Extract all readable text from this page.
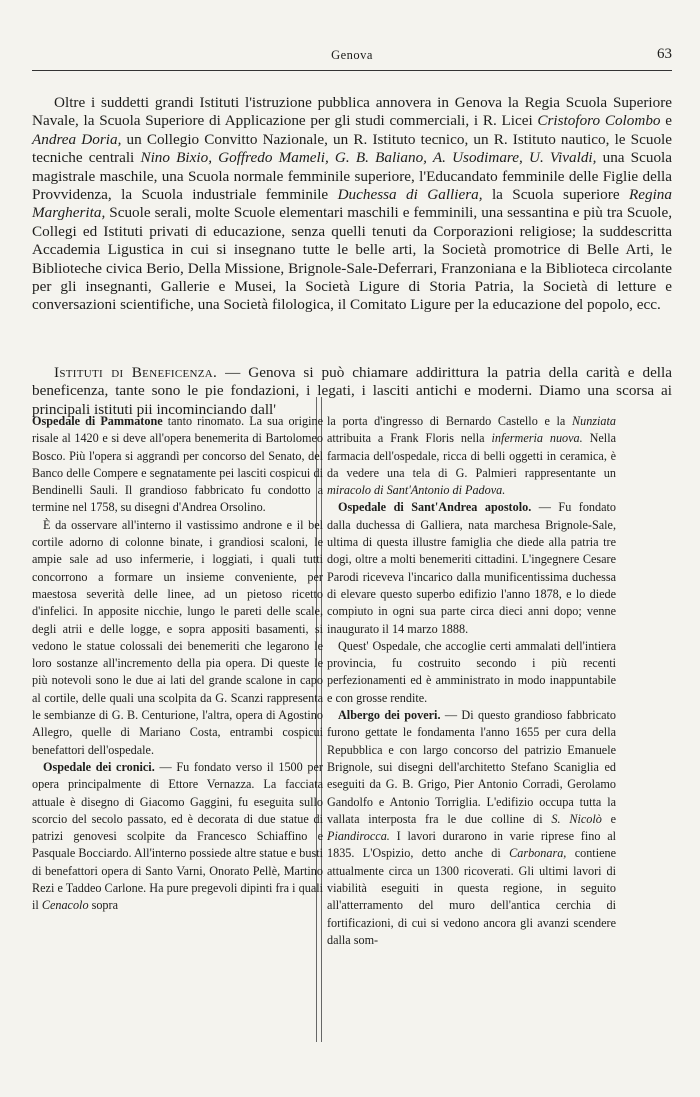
Genova	63

Oltre i suddetti grandi Istituti l'istruzione pubblica annovera in Genova la Regia Scuola Superiore Navale, la Scuola Superiore di Applicazione per gli studi commerciali, i R. Licei Cristoforo Colombo e Andrea Doria, un Collegio Convitto Nazionale, un R. Istituto tecnico, un R. Istituto nautico, le Scuole tecniche centrali Nino Bixio, Goffredo Mameli, G. B. Baliano, A. Usodimare, U. Vivaldi, una Scuola magistrale maschile, una Scuola normale femminile superiore, l'Educandato femminile delle Figlie della Provvidenza, la Scuola industriale femminile Duchessa di Galliera, la Scuola superiore Regina Margherita, Scuole serali, molte Scuole elementari maschili e femminili, una sessantina e più tra Scuole, Collegi ed Istituti privati di educazione, senza quelli tenuti da Corporazioni religiose; la suddescritta Accademia Ligustica in cui si insegnano tutte le belle arti, la Società promotrice di Belle Arti, le Biblioteche civica Berio, Della Missione, Brignole-Sale-Deferrari, Franzoniana e la Biblioteca circolante per gli insegnanti, Gallerie e Musei, la Società Ligure di Storia Patria, la Società di letture e conversazioni scientifiche, una Società filologica, il Comitato Ligure per la educazione del popolo, ecc.

Istituti di Beneficenza. — Genova si può chiamare addirittura la patria della carità e della beneficenza, tante sono le pie fondazioni, i legati, i lasciti antichi e moderni. Diamo una scorsa ai principali istituti pii incominciando dall'

Ospedale di Pammatone tanto rinomato. La sua origine risale al 1420 e si deve all'opera benemerita di Bartolomeo Bosco. Più l'opera si aggrandì per concorso del Senato, del Banco delle Compere e segnatamente pei lasciti cospicui di Bendinelli Sauli. Il grandioso fabbricato fu condotto a termine nel 1758, su disegni d'Andrea Orsolino.

È da osservare all'interno il vastissimo androne e il bel cortile adorno di colonne binate, i grandiosi scaloni, le ampie sale ad uso infermerie, i loggiati, i quali tutti concorrono a formare un insieme conveniente, per maestosa severità delle linee, ad un pietoso ricetto d'infelici. In apposite nicchie, lungo le pareti delle scale, degli atrii e delle logge, e sopra appositi basamenti, si vedono le statue colossali dei benemeriti che legarono le loro sostanze all'incremento della pia opera. Di queste le più notevoli sono le due ai lati del grande scalone in capo al cortile, delle quali una scolpita da G. Scanzi rappresenta le sembianze di G. B. Centurione, l'altra, opera di Agostino Allegro, quelle di Mariano Costa, entrambi cospicui benefattori dell'ospedale.

Ospedale dei cronici. — Fu fondato verso il 1500 per opera principalmente di Ettore Vernazza. La facciata attuale è disegno di Giacomo Gaggini, fu eseguita sullo scorcio del secolo passato, ed è decorata di due statue di patrizi genovesi scolpite da Francesco Schiaffino e Pasquale Bocciardo. All'interno possiede altre statue e busti di benefattori opera di Santo Varni, Onorato Pellè, Martino Rezi e Taddeo Carlone. Ha pure pregevoli dipinti fra i quali il Cenacolo sopra

la porta d'ingresso di Bernardo Castello e la Nunziata attribuita a Frank Floris nella infermeria nuova. Nella farmacia dell'ospedale, ricca di belli oggetti in ceramica, è da vedere una tela di G. Palmieri rappresentante un miracolo di Sant'Antonio di Padova.

Ospedale di Sant'Andrea apostolo. — Fu fondato dalla duchessa di Galliera, nata marchesa Brignole-Sale, ultima di questa illustre famiglia che diede alla patria tre dogi, oltre a molti benemeriti cittadini. L'ingegnere Cesare Parodi riceveva l'incarico dalla munificentissima duchessa di elevare questo superbo edifizio l'anno 1878, e lo diede compiuto in ogni sua parte circa dieci anni dopo; venne inaugurato il 14 marzo 1888.

Quest' Ospedale, che accoglie certi ammalati dell'intiera provincia, fu costruito secondo i più recenti perfezionamenti ed è amministrato in modo inappuntabile e con grosse rendite.

Albergo dei poveri. — Di questo grandioso fabbricato furono gettate le fondamenta l'anno 1655 per cura della Repubblica e con largo concorso del patrizio Emanuele Brignole, sui disegni dell'architetto Stefano Scaniglia ed eseguiti da G. B. Grigo, Pier Antonio Corradi, Gerolamo Gandolfo e Antonio Torriglia. L'edifizio occupa tutta la vallata interposta fra le due colline di S. Nicolò e Piandirocca. I lavori durarono in varie riprese fino al 1835. L'Ospizio, detto anche di Carbonara, contiene attualmente circa un 1300 ricoverati. Gli ultimi lavori di viabilità eseguiti in questa regione, in seguito all'atterramento del muro dell'antica cerchia di fortificazioni, di cui si vedono ancora gli avanzi scendere dalla som-
